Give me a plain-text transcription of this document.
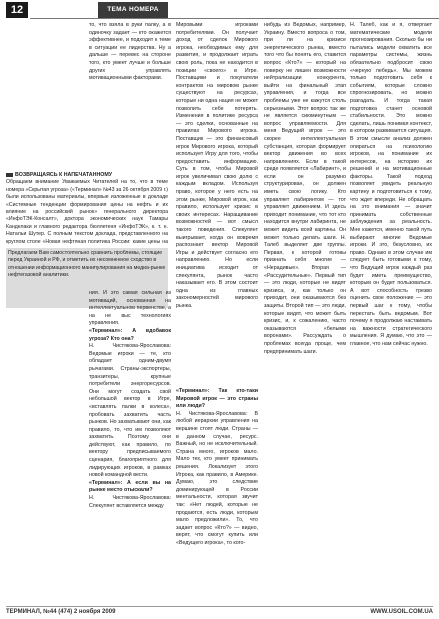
12	ТЕМА НОМЕРА

то, что взяла в руки палку, а в одиночку задает — кто окажется эффективнее, и подходит к теме в ситуации ее лидерства. Ну а дальше — перевес на стороне того, кто умеет лучше и больше других управлять мотивационными факторами.

ВОЗВРАЩАЯСЬ К НАПЕЧАТАННОМУ
Обращаем внимание Уважаемых Читателей на то, что в теме номера «Скрытая угроза» («Терминал» №43 за 26 октября 2009 г.) были использованы материалы, впервые изложенные в докладе «Системные тенденции формирования цены на нефть и их влияние на российский рынок» генерального директора «ИнфоТЭК-Консалт», доктора экономических наук Тамары Канделаки и главного редактора бюллетеня «ИнфоТЭК», к. т. н. Натальи Шутер. С полным текстом доклада, представленного на круглом столе «Новая нефтяная политика России: какие цены на
Предлагаем Вам самостоятельно сравнить проблемы, стоящие перед Украиной и РФ, и отметить их несомненное сходство в отношении информационного манипулирования на медиа-рынке нефтегазовой аналитики.

Мировыми игроками потребителями. Он получает доход от сделок Мирового игрока, необходимых ему для развития, и продолжает играть свою роль, пока не находится в позиции «своего» в Игре. Поставщики и покупатели контрактов на мировом рынке существуют на ресурсах, которые ни одна нация не может позволить себе потерять. Изменения в политике ресурса — это сделки, основанные на правилах Мирового игрока. Поставщик — это финансовый игрок Мирового игрока, который использует Игру для того, чтобы предоставить информацию. Суть в том, чтобы Мировой игрок увеличивал свою долю с каждым вкладом. Используя право, которое у него есть на этом рынке, Мировой игрок, как правило, использует кризис в своих интересах. Наращивание возможностей — вот смысл такого поведения. Спекулянт выигрывает, когда он вовремя распознает вектор Мировой Игры и действует согласно его направлению. Но если инициатива исходит от спекулянта, рынок часто наказывает его. В этом состоит одна из главных закономерностей мирового рынка.

ния. И это самая сильная из мотиваций, основанная на интеллектуальном первенстве, а на не выс технологиях управления.

«Терминал»: А вдобавок угроза? Кто она?

Н. Чистякова-Ярославова: Ведомые игроки — те, кто обладает одним-двумя рычагами. Страны-экспортеры, транзитеры, крупные потребители энергоресурсов. Они могут создать свой небольшой вектор в Игре, «вставлять палки в колеса», пробовать захватить часть рынков. Но захватывают они, как правило, то, что им позволяют захватить. Поэтому они действуют, как правило, по вектору предписываемого сценария, благоприятного для лидирующих игроков, в рамках новой командной вести.

«Терминал»: А если вы на рынке место отыскали?

Н. Чистякова-Ярославова: Спекулянт вставляется между

«Терминал»: Так кто-таки Мировой игрок — это страны или люди?

Н. Чистякова-Ярославова: В любой иерархии управления на вершине стоят люди. Страны — в данном случае, ресурс. Важный, но не исключительный. Страна много, игроков мало. Мало тех, кто умеет принимать решения. Локализует этого Игрока, как правило, в Америке. Думаю, это следствие доминирующей в России ментальности, которая звучит так: «Нет людей, которые не продаются, есть люди, которым мало предложили». То, что задает вопрос «Кто?» — видно, верят, что смогут купить или «Ведущего игрока», то кого-

нибудь из Ведомых, например, Украину. Вместо вопроса о том, при ли на кризисе энергетического рынка, вместо того что бы понять его, ставится вопрос «Кто?» — который на поверку не лишен возможности нейтрализации конкурента, выйти на финальный этап управления, и тогда все проблемы уже не кажутся столь серьезными. Этот вопрос так же не является сиюминутным — вопрос управляемости. Для меня Ведущий игрок — это скорее интеллектуальная субстанция, которая формирует вектор движения во всех направлениях. Если в такой среде появляется «Лабиринт», и если он разумно структурирован, он должен иметь свою логику. Кто управляет лабиринтом — тот управляет движением. И здесь приходит понимание, что тот кто находится внутри лабиринта, не может видеть всей картины. Он может только делать шаги. Н. Талеб выделяет две группы. Первая, к которой готовы признать себя многие — «Нерадивые». Вторая — «Рассудительные». Первый тип — это люди, которые не видят кризиса, и, как только он приходит, они оказываются без защиты. Второй тип — это люди, которые видят, что может быть кризис, и, к сожалению, часто оказываются «белыми воронами». Рассуждать о проблемах всегда проще, чем предпринимать шаги.

Н. Талеб, как и я, отвергает математические модели прогнозирования. Сколько бы ни пытались модели охватить все параметры системы, жизнь обязательно подбросит свою «черную лебедь». Мы можем только подготовить себя к событиям, которые сложно спрогнозировать, но можно разгадать. И тогда такая подготовка станет основой стабильности. Это можно сделать, лишь понимая контекст, в котором развивается ситуация. В этом смысле анализ должен опираться на психологию игроков, на понимание их интересов, на историю их решений и на мотивационные факторы. Такой подход позволяет увидеть реальную картину и подготовиться к тому, что ждет впереди. Не обращать на это внимания — значит принимать собственные заблуждения за реальность. Мне кажется, именно такой путь выбирают многие Ведомые игроки. И это, безусловно, их право. Однако в этом случае им следует быть готовыми к тому, что Ведущий игрок каждый раз будет иметь преимущество, которым он будет пользоваться. А вот способность трезво оценить свое положение — это первый шаг к тому, чтобы перестать быть ведомым. Вот почему я продолжаю настаивать на важности стратегического мышления. Я думаю, что это — главное, что нам сейчас нужно.

ТЕРМИНАЛ, №44 (474) 2 ноября 2009	WWW.USOIL.COM.UA
